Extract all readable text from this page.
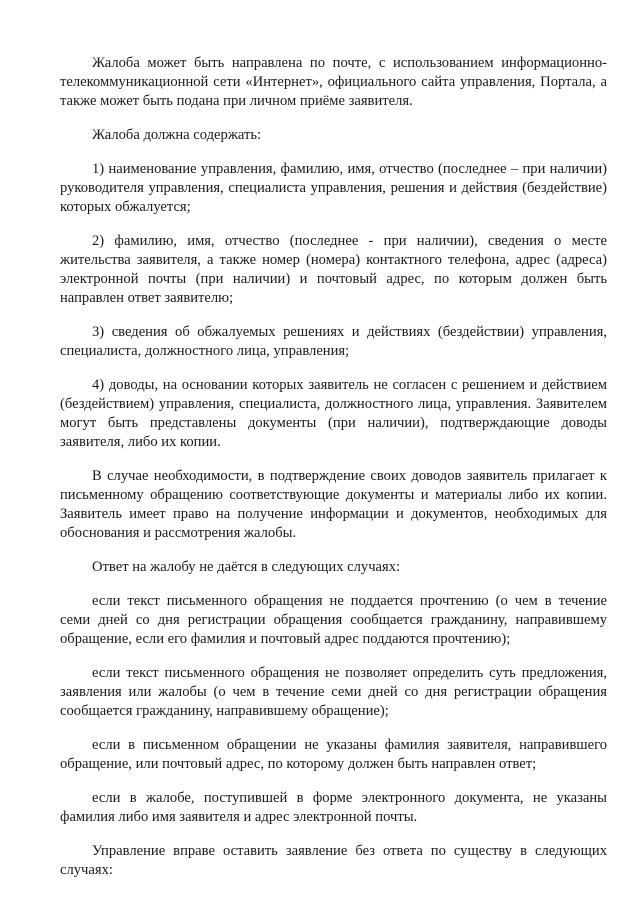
Жалоба может быть направлена по почте, с использованием информационно-телекоммуникационной сети «Интернет», официального сайта управления, Портала, а также может быть подана при личном приёме заявителя.

Жалоба должна содержать:

1) наименование управления, фамилию, имя, отчество (последнее – при наличии) руководителя управления, специалиста управления, решения и действия (бездействие) которых обжалуется;

2) фамилию, имя, отчество (последнее - при наличии), сведения о месте жительства заявителя, а также номер (номера) контактного телефона, адрес (адреса) электронной почты (при наличии) и почтовый адрес, по которым должен быть направлен ответ заявителю;

3) сведения об обжалуемых решениях и действиях (бездействии) управления, специалиста, должностного лица, управления;

4) доводы, на основании которых заявитель не согласен с решением и действием (бездействием) управления, специалиста, должностного лица, управления. Заявителем могут быть представлены документы (при наличии), подтверждающие доводы заявителя, либо их копии.

В случае необходимости, в подтверждение своих доводов заявитель прилагает к письменному обращению соответствующие документы и материалы либо их копии. Заявитель имеет право на получение информации и документов, необходимых для обоснования и рассмотрения жалобы.

Ответ на жалобу не даётся в следующих случаях:

если текст письменного обращения не поддается прочтению (о чем в течение семи дней со дня регистрации обращения сообщается гражданину, направившему обращение, если его фамилия и почтовый адрес поддаются прочтению);

если текст письменного обращения не позволяет определить суть предложения, заявления или жалобы (о чем в течение семи дней со дня регистрации обращения сообщается гражданину, направившему обращение);

если в письменном обращении не указаны фамилия заявителя, направившего обращение, или почтовый адрес, по которому должен быть направлен ответ;

если в жалобе, поступившей в форме электронного документа, не указаны фамилия либо имя заявителя и адрес электронной почты.

Управление вправе оставить заявление без ответа по существу в следующих случаях:
